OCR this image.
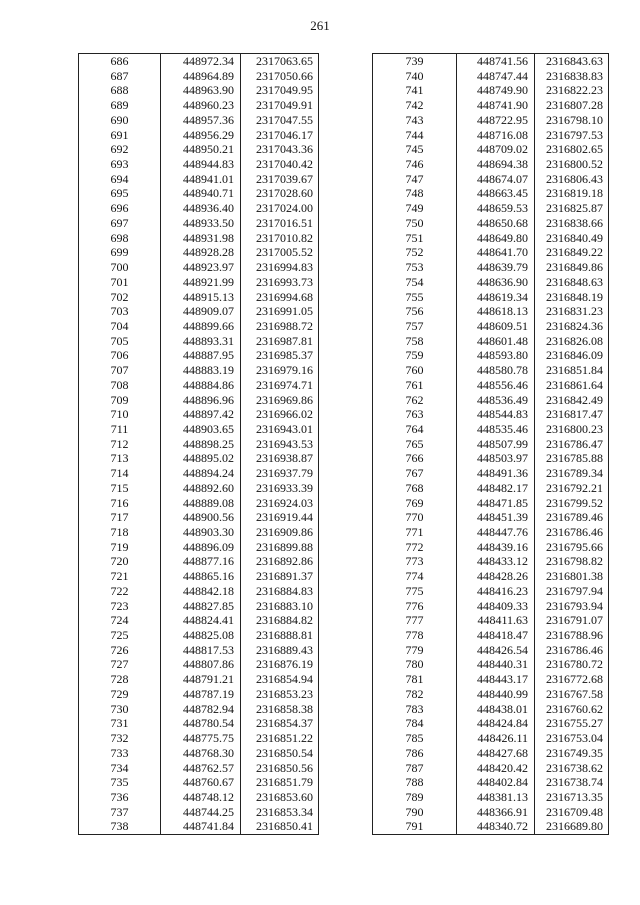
261
686	448972.34	2317063.65
687	448964.89	2317050.66
688	448963.90	2317049.95
689	448960.23	2317049.91
690	448957.36	2317047.55
691	448956.29	2317046.17
692	448950.21	2317043.36
693	448944.83	2317040.42
694	448941.01	2317039.67
695	448940.71	2317028.60
696	448936.40	2317024.00
697	448933.50	2317016.51
698	448931.98	2317010.82
699	448928.28	2317005.52
700	448923.97	2316994.83
701	448921.99	2316993.73
702	448915.13	2316994.68
703	448909.07	2316991.05
704	448899.66	2316988.72
705	448893.31	2316987.81
706	448887.95	2316985.37
707	448883.19	2316979.16
708	448884.86	2316974.71
709	448896.96	2316969.86
710	448897.42	2316966.02
711	448903.65	2316943.01
712	448898.25	2316943.53
713	448895.02	2316938.87
714	448894.24	2316937.79
715	448892.60	2316933.39
716	448889.08	2316924.03
717	448900.56	2316919.44
718	448903.30	2316909.86
719	448896.09	2316899.88
720	448877.16	2316892.86
721	448865.16	2316891.37
722	448842.18	2316884.83
723	448827.85	2316883.10
724	448824.41	2316884.82
725	448825.08	2316888.81
726	448817.53	2316889.43
727	448807.86	2316876.19
728	448791.21	2316854.94
729	448787.19	2316853.23
730	448782.94	2316858.38
731	448780.54	2316854.37
732	448775.75	2316851.22
733	448768.30	2316850.54
734	448762.57	2316850.56
735	448760.67	2316851.79
736	448748.12	2316853.60
737	448744.25	2316853.34
738	448741.84	2316850.41
739	448741.56	2316843.63
740	448747.44	2316838.83
741	448749.90	2316822.23
742	448741.90	2316807.28
743	448722.95	2316798.10
744	448716.08	2316797.53
745	448709.02	2316802.65
746	448694.38	2316800.52
747	448674.07	2316806.43
748	448663.45	2316819.18
749	448659.53	2316825.87
750	448650.68	2316838.66
751	448649.80	2316840.49
752	448641.70	2316849.22
753	448639.79	2316849.86
754	448636.90	2316848.63
755	448619.34	2316848.19
756	448618.13	2316831.23
757	448609.51	2316824.36
758	448601.48	2316826.08
759	448593.80	2316846.09
760	448580.78	2316851.84
761	448556.46	2316861.64
762	448536.49	2316842.49
763	448544.83	2316817.47
764	448535.46	2316800.23
765	448507.99	2316786.47
766	448503.97	2316785.88
767	448491.36	2316789.34
768	448482.17	2316792.21
769	448471.85	2316799.52
770	448451.39	2316789.46
771	448447.76	2316786.46
772	448439.16	2316795.66
773	448433.12	2316798.82
774	448428.26	2316801.38
775	448416.23	2316797.94
776	448409.33	2316793.94
777	448411.63	2316791.07
778	448418.47	2316788.96
779	448426.54	2316786.46
780	448440.31	2316780.72
781	448443.17	2316772.68
782	448440.99	2316767.58
783	448438.01	2316760.62
784	448424.84	2316755.27
785	448426.11	2316753.04
786	448427.68	2316749.35
787	448420.42	2316738.62
788	448402.84	2316738.74
789	448381.13	2316713.35
790	448366.91	2316709.48
791	448340.72	2316689.80
